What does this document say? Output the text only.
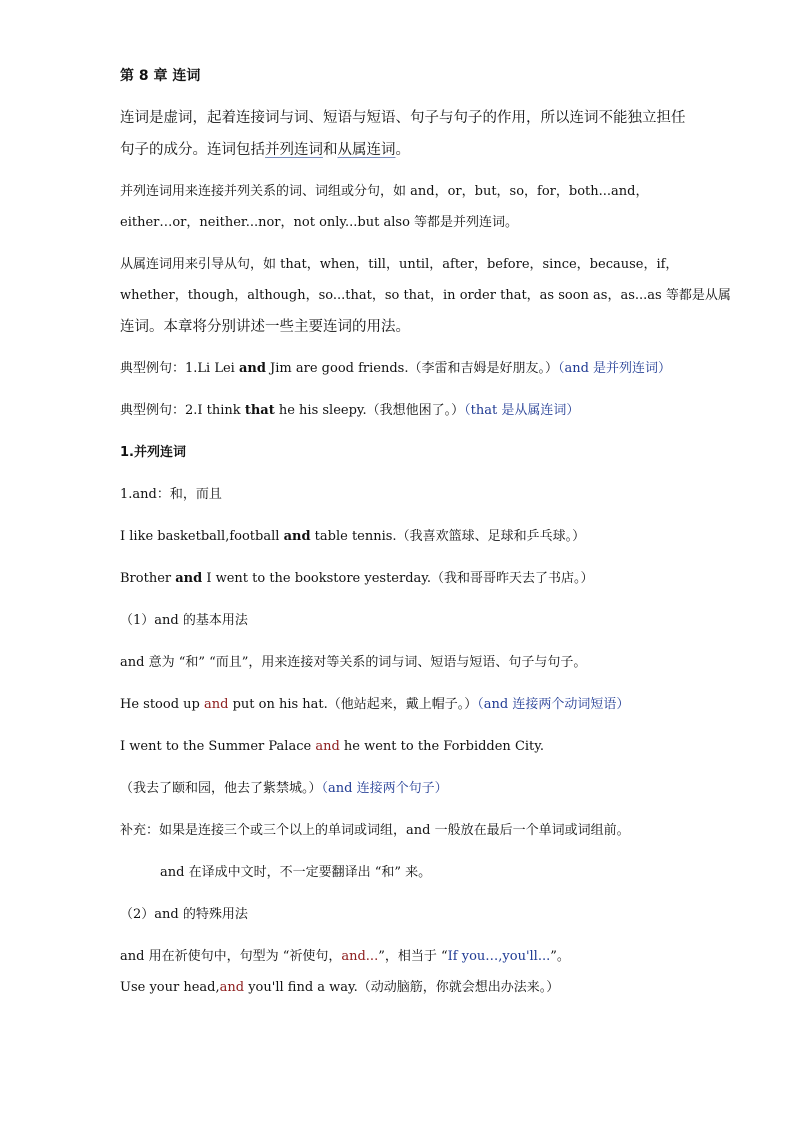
第 8 章 连词
连词是虚词，起着连接词与词、短语与短语、句子与句子的作用，所以连词不能独立担任
句子的成分。连词包括并列连词和从属连词。
并列连词用来连接并列关系的词、词组或分句，如 and，or，but，so，for，both...and，
either…or，neither...nor，not only...but also 等都是并列连词。
从属连词用来引导从句，如 that，when，till，until，after，before，since，because，if，
whether，though，although，so...that，so that，in order that，as soon as，as...as 等都是从属
连词。本章将分别讲述一些主要连词的用法。
典型例句：1.Li Lei and Jim are good friends.（李雷和吉姆是好朋友。）（and 是并列连词）
典型例句：2.I think that he his sleepy.（我想他困了。）（that 是从属连词）
1.并列连词
1.and：和，而且
I like basketball,football and table tennis.（我喜欢篮球、足球和乒乓球。）
Brother and I went to the bookstore yesterday.（我和哥哥昨天去了书店。）
（1）and 的基本用法
and 意为 “和” “而且”，用来连接对等关系的词与词、短语与短语、句子与句子。
He stood up and put on his hat.（他站起来，戴上帽子。）（and 连接两个动词短语）
I went to the Summer Palace and he went to the Forbidden City.
（我去了颐和园，他去了紫禁城。）（and 连接两个句子）
补充：如果是连接三个或三个以上的单词或词组，and 一般放在最后一个单词或词组前。
and 在译成中文时，不一定要翻译出 “和” 来。
（2）and 的特殊用法
and 用在祈使句中，句型为 “祈使句，and...”，相当于 “If you…,you'll...”。
Use your head,and you'll find a way.（动动脑筋，你就会想出办法来。）
